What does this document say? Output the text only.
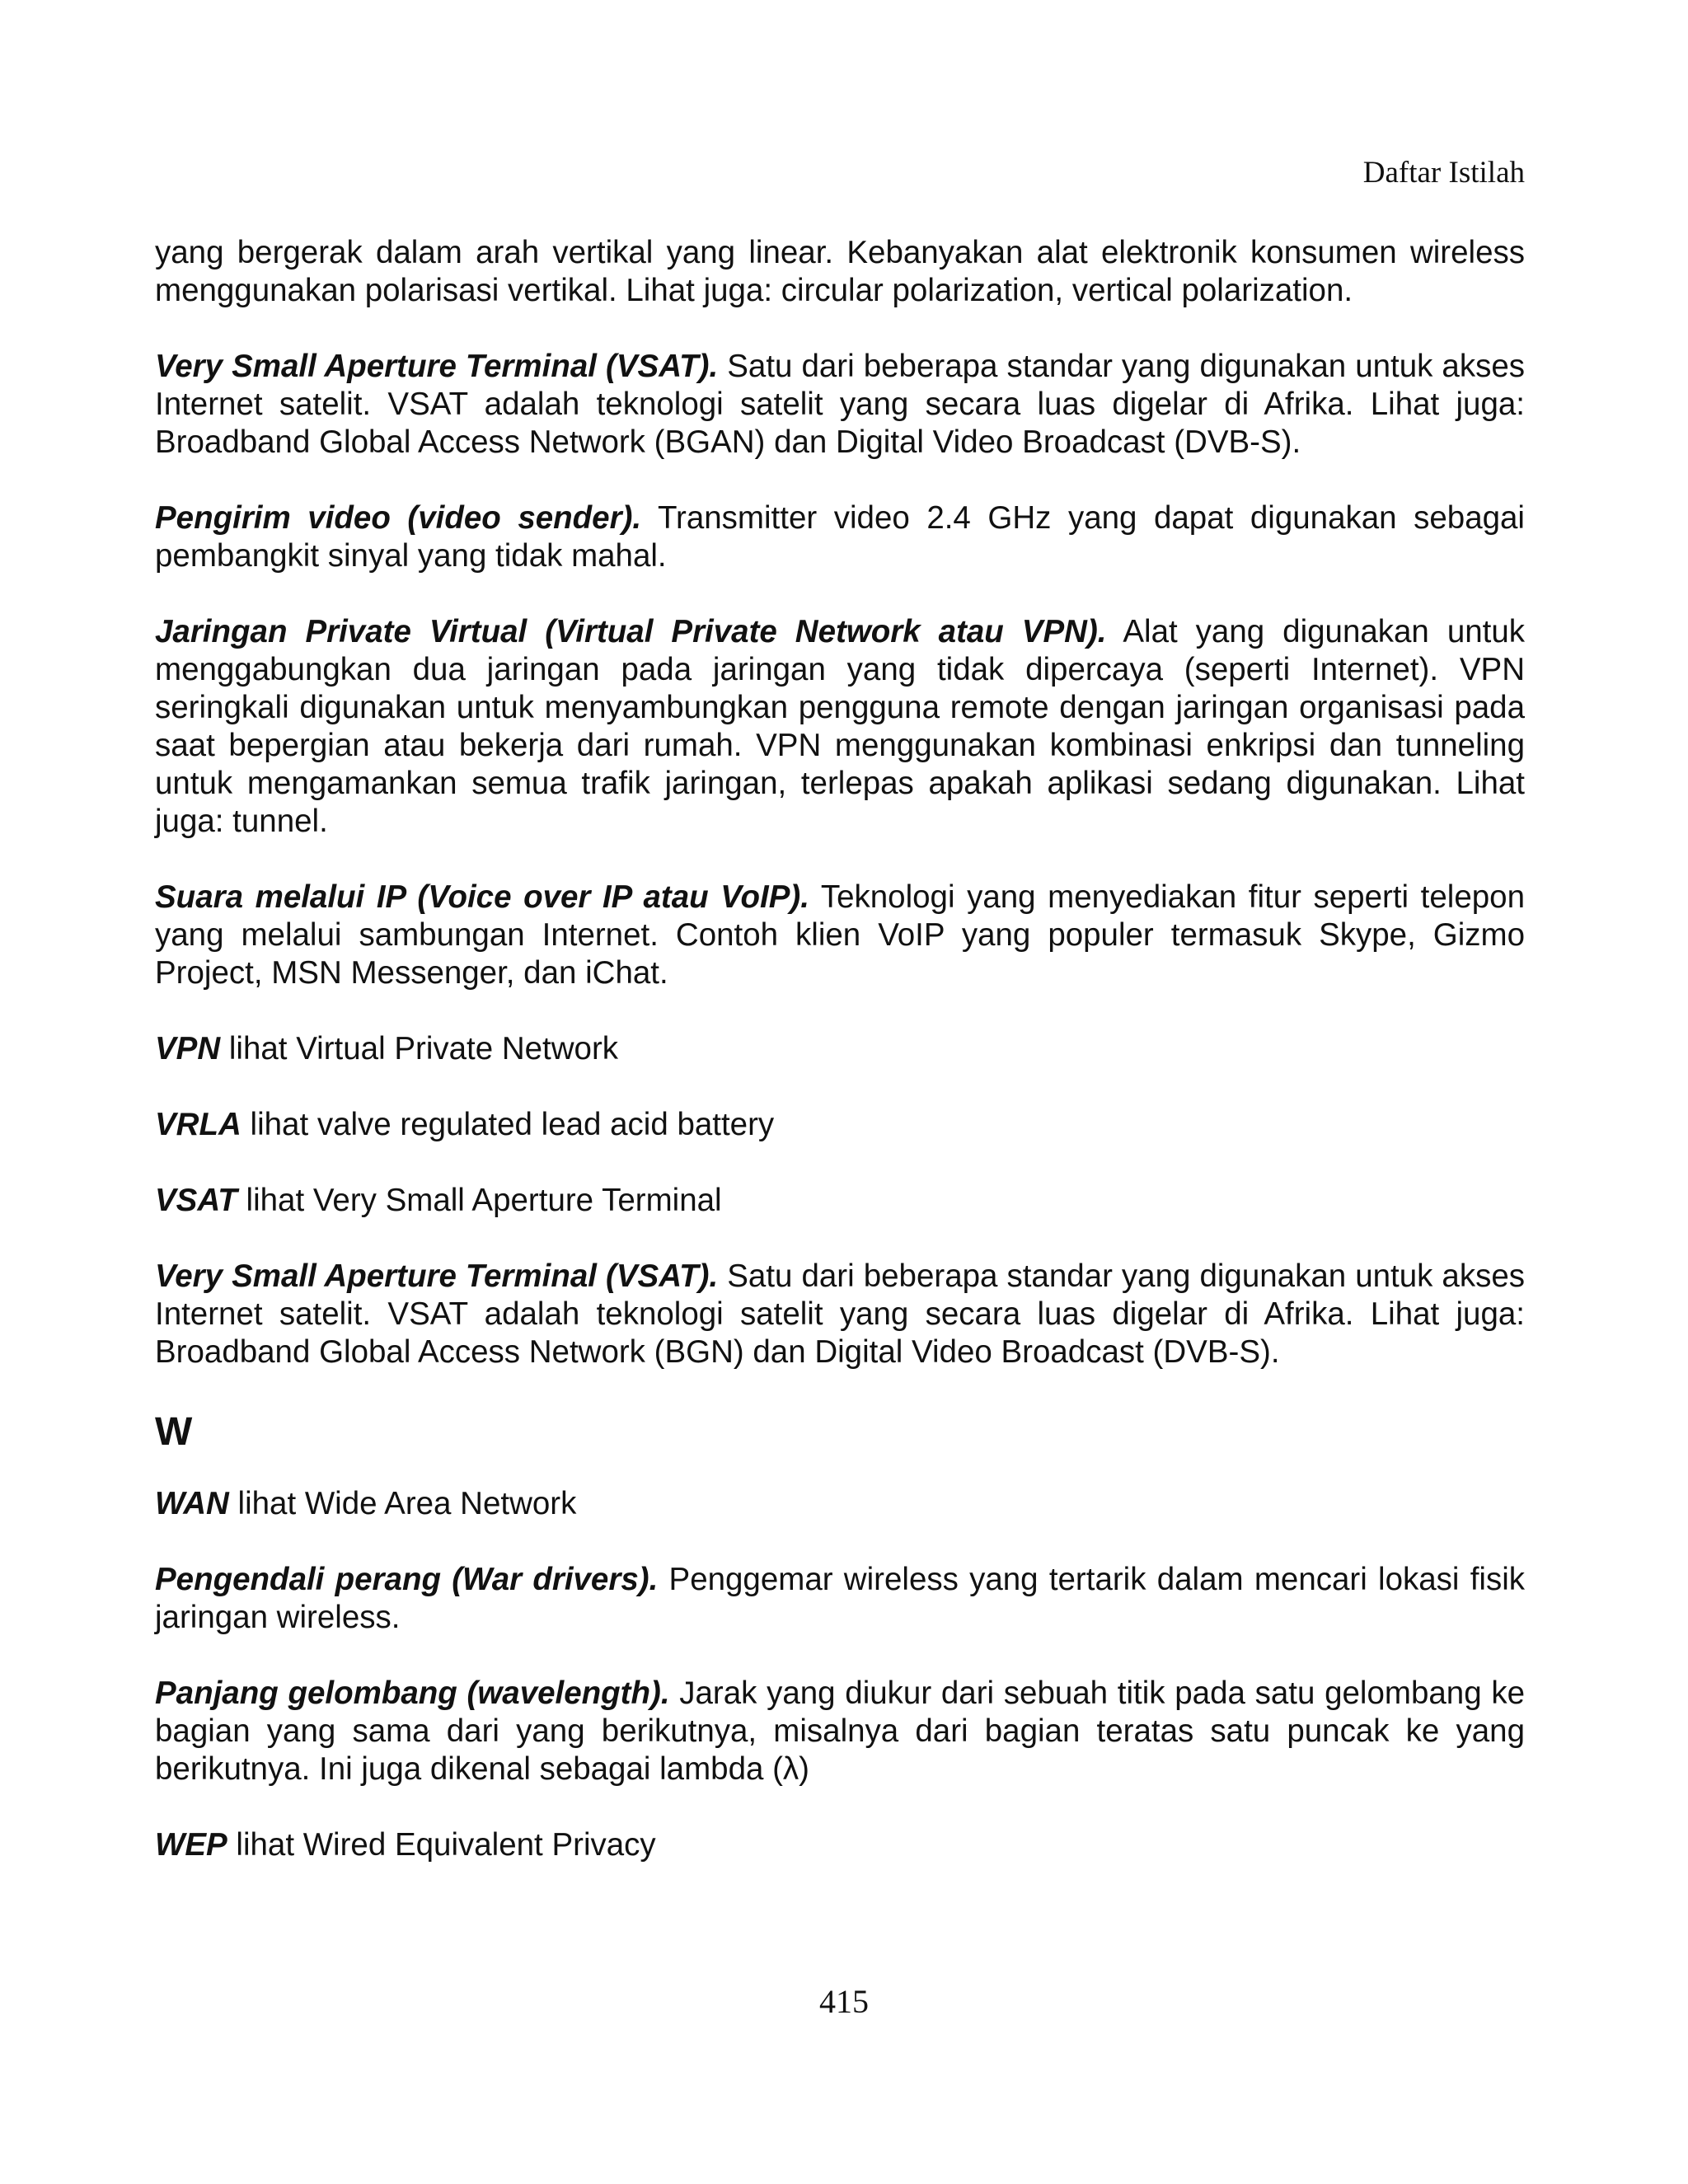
Daftar Istilah

yang bergerak dalam arah vertikal yang linear. Kebanyakan alat elektronik konsumen wireless menggunakan polarisasi vertikal. Lihat juga: circular polarization, vertical polarization.

Very Small Aperture Terminal (VSAT). Satu dari beberapa standar yang digunakan untuk akses Internet satelit. VSAT adalah teknologi satelit yang secara luas digelar di Afrika. Lihat juga: Broadband Global Access Network (BGAN) dan Digital Video Broadcast (DVB-S).

Pengirim video (video sender). Transmitter video 2.4 GHz yang dapat digunakan sebagai pembangkit sinyal yang tidak mahal.

Jaringan Private Virtual (Virtual Private Network atau VPN). Alat yang digunakan untuk menggabungkan dua jaringan pada jaringan yang tidak dipercaya (seperti Internet). VPN seringkali digunakan untuk menyambungkan pengguna remote dengan jaringan organisasi pada saat bepergian atau bekerja dari rumah. VPN menggunakan kombinasi enkripsi dan tunneling untuk mengamankan semua trafik jaringan, terlepas apakah aplikasi sedang digunakan. Lihat juga: tunnel.

Suara melalui IP (Voice over IP atau VoIP). Teknologi yang menyediakan fitur seperti telepon yang melalui sambungan Internet. Contoh klien VoIP yang populer termasuk Skype, Gizmo Project, MSN Messenger, dan iChat.

VPN lihat Virtual Private Network

VRLA lihat valve regulated lead acid battery

VSAT lihat Very Small Aperture Terminal

Very Small Aperture Terminal (VSAT). Satu dari beberapa standar yang digunakan untuk akses Internet satelit. VSAT adalah teknologi satelit yang secara luas digelar di Afrika. Lihat juga: Broadband Global Access Network (BGN) dan Digital Video Broadcast (DVB-S).

W

WAN lihat Wide Area Network

Pengendali perang (War drivers). Penggemar wireless yang tertarik dalam mencari lokasi fisik jaringan wireless.

Panjang gelombang (wavelength). Jarak yang diukur dari sebuah titik pada satu gelombang ke bagian yang sama dari yang berikutnya, misalnya dari bagian teratas satu puncak ke yang berikutnya. Ini juga dikenal sebagai lambda (λ)

WEP lihat Wired Equivalent Privacy

415
